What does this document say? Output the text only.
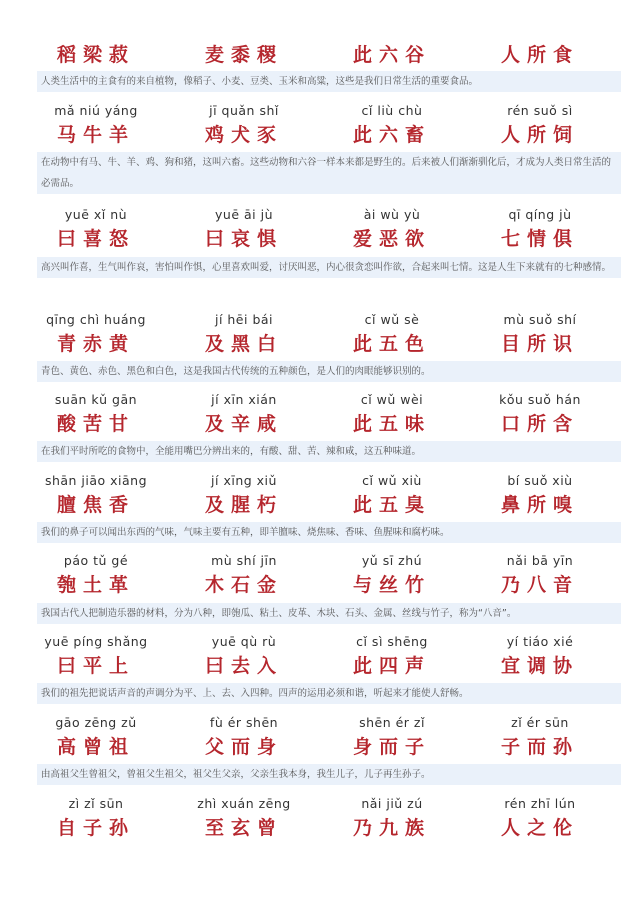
稻梁菽	麦黍稷	此六谷	人所食
人类生活中的主食有的来自植物，像稻子、小麦、豆类、玉米和高粱，这些是我们日常生活的重要食品。
mǎ niú yáng	jī quǎn shǐ	cǐ liù chù	rén suǒ sì
马牛羊	鸡犬豕	此六畜	人所饲
在动物中有马、牛、羊、鸡、狗和猪，这叫六畜。这些动物和六谷一样本来都是野生的。后来被人们渐渐驯化后，才成为人类日常生活的必需品。
yuē xǐ nù	yuē āi jù	ài wù yù	qī qíng jù
曰喜怒	曰哀惧	爱恶欲	七情俱
高兴叫作喜，生气叫作哀，害怕叫作惧，心里喜欢叫爱，讨厌叫恶，内心很贪恋叫作欲，合起来叫七情。这是人生下来就有的七种感情。
qīng chì huáng	jí hēi bái	cǐ wǔ sè	mù suǒ shí
青赤黄	及黑白	此五色	目所识
青色、黄色、赤色、黑色和白色，这是我国古代传统的五种颜色，是人们的肉眼能够识别的。
suān kǔ gān	jí xīn xián	cǐ wǔ wèi	kǒu suǒ hán
酸苦甘	及辛咸	此五味	口所含
在我们平时所吃的食物中，全能用嘴巴分辨出来的，有酸、甜、苦、辣和咸，这五种味道。
shān jiāo xiāng	jí xīng xiǔ	cǐ wǔ xiù	bí suǒ xiù
膻焦香	及腥朽	此五臭	鼻所嗅
我们的鼻子可以闻出东西的气味，气味主要有五种，即羊膻味、烧焦味、香味、鱼腥味和腐朽味。
páo tǔ gé	mù shí jīn	yǔ sī zhú	nǎi bā yīn
匏土革	木石金	与丝竹	乃八音
我国古代人把制造乐器的材料，分为八种，即匏瓜、粘土、皮革、木块、石头、金属、丝线与竹子，称为“八音”。
yuē píng shǎng	yuē qù rù	cǐ sì shēng	yí tiáo xié
曰平上	曰去入	此四声	宜调协
我们的祖先把说话声音的声调分为平、上、去、入四种。四声的运用必须和谐，听起来才能使人舒畅。
gāo zēng zǔ	fù ér shēn	shēn ér zǐ	zǐ ér sūn
高曾祖	父而身	身而子	子而孙
由高祖父生曾祖父，曾祖父生祖父，祖父生父亲，父亲生我本身，我生儿子，儿子再生孙子。
zì zǐ sūn	zhì xuán zēng	nǎi jiǔ zú	rén zhī lún
自子孙	至玄曾	乃九族	人之伦
